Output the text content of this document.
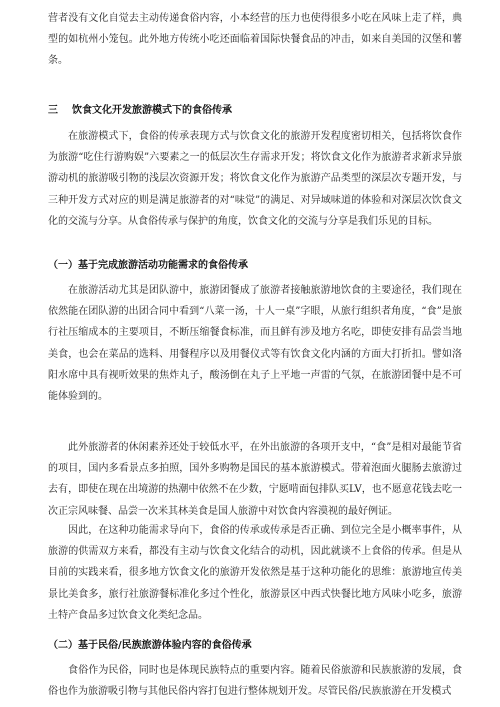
营者没有文化自觉去主动传递食俗内容，小本经营的压力也使得很多小吃在风味上走了样，典型的如杭州小笼包。此外地方传统小吃还面临着国际快餐食品的冲击，如来自美国的汉堡和薯条。

三 饮食文化开发旅游模式下的食俗传承

在旅游模式下，食俗的传承表现方式与饮食文化的旅游开发程度密切相关，包括将饮食作为旅游“吃住行游购娱”六要素之一的低层次生存需求开发；将饮食文化作为旅游者求新求异旅游动机的旅游吸引物的浅层次资源开发；将饮食文化作为旅游产品类型的深层次专题开发，与三种开发方式对应的则是满足旅游者的对“味觉”的满足、对异域味道的体验和对深层次饮食文化的交流与分享。从食俗传承与保护的角度，饮食文化的交流与分享是我们乐见的目标。

（一）基于完成旅游活动功能需求的食俗传承

在旅游活动尤其是团队游中，旅游团餐成了旅游者接触旅游地饮食的主要途径，我们现在依然能在团队游的出团合同中看到“八菜一汤，十人一桌”字眼，从旅行组织者角度，“食”是旅行社压缩成本的主要项目，不断压缩餐食标准，而且鲜有涉及地方名吃，即使安排有品尝当地美食，也会在菜品的选料、用餐程序以及用餐仪式等有饮食文化内涵的方面大打折扣。譬如洛阳水席中具有视听效果的焦炸丸子，酸汤倒在丸子上平地一声雷的气氛，在旅游团餐中是不可能体验到的。

此外旅游者的休闲素养还处于较低水平，在外出旅游的各项开支中，“食”是相对最能节省的项目，国内多看景点多拍照，国外多购物是国民的基本旅游模式。带着泡面火腿肠去旅游过去有，即使在现在出境游的热潮中依然不在少数，宁愿啃面包排队买LV，也不愿意花钱去吃一次正宗风味餐、品尝一次米其林美食是国人旅游中对饮食内容漠视的最好例证。

因此，在这种功能需求导向下，食俗的传承或传承是否正确、到位完全是小概率事件，从旅游的供需双方来看，都没有主动与饮食文化结合的动机，因此就谈不上食俗的传承。但是从目前的实践来看，很多地方饮食文化的旅游开发依然是基于这种功能化的思维：旅游地宣传美景比美食多，旅行社旅游餐标准化多过个性化，旅游景区中西式快餐比地方风味小吃多，旅游土特产食品多过饮食文化类纪念品。

（二）基于民俗/民族旅游体验内容的食俗传承

食俗作为民俗，同时也是体现民族特点的重要内容。随着民俗旅游和民族旅游的发展，食俗也作为旅游吸引物与其他民俗内容打包进行整体规划开发。尽管民俗/民族旅游在开发模式
